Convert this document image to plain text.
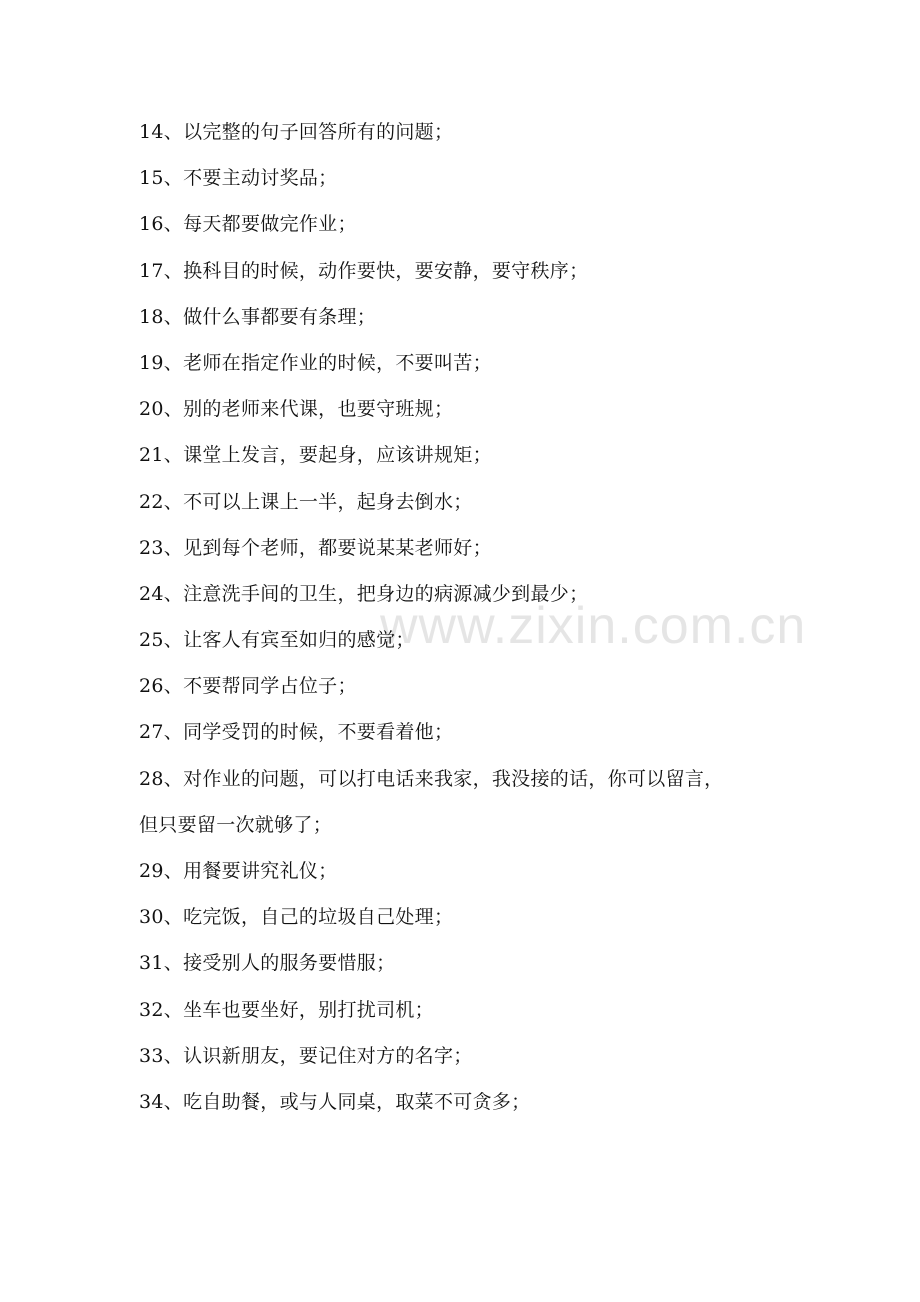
14、以完整的句子回答所有的问题；
15、不要主动讨奖品；
16、每天都要做完作业；
17、换科目的时候，动作要快，要安静，要守秩序；
18、做什么事都要有条理；
19、老师在指定作业的时候，不要叫苦；
20、别的老师来代课，也要守班规；
21、课堂上发言，要起身，应该讲规矩；
22、不可以上课上一半，起身去倒水；
23、见到每个老师，都要说某某老师好；
24、注意洗手间的卫生，把身边的病源减少到最少；
25、让客人有宾至如归的感觉；
26、不要帮同学占位子；
27、同学受罚的时候，不要看着他；
28、对作业的问题，可以打电话来我家，我没接的话，你可以留言，
但只要留一次就够了；
29、用餐要讲究礼仪；
30、吃完饭，自己的垃圾自己处理；
31、接受别人的服务要惜服；
32、坐车也要坐好，别打扰司机；
33、认识新朋友，要记住对方的名字；
34、吃自助餐，或与人同桌，取菜不可贪多；
www.zixin.com.cn
